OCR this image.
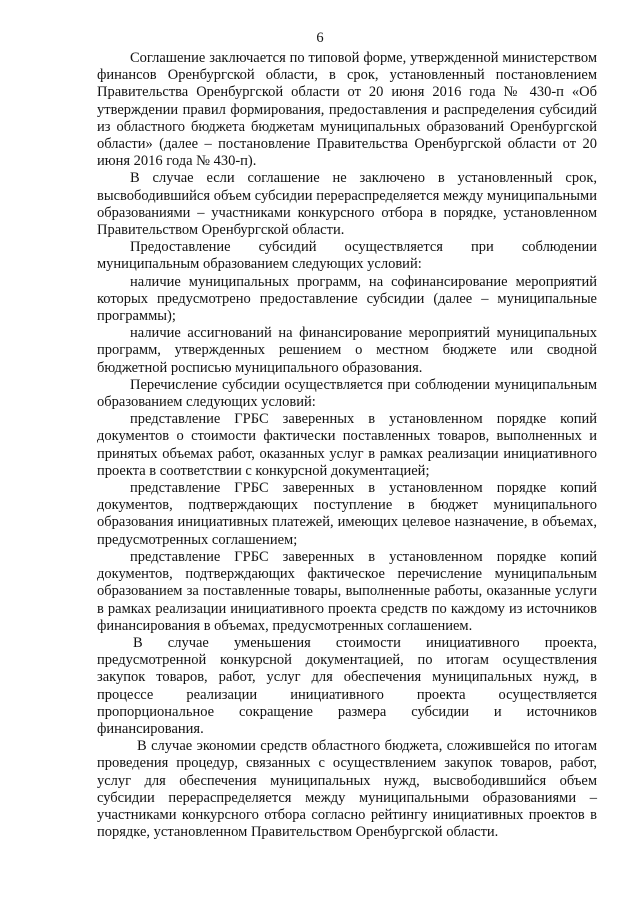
6

Соглашение заключается по типовой форме, утвержденной министерством финансов Оренбургской области, в срок, установленный постановлением Правительства Оренбургской области от 20 июня 2016 года № 430-п «Об утверждении правил формирования, предоставления и распределения субсидий из областного бюджета бюджетам муниципальных образований Оренбургской области» (далее – постановление Правительства Оренбургской области от 20 июня 2016 года № 430-п).

В случае если соглашение не заключено в установленный срок, высвободившийся объем субсидии перераспределяется между муниципальными образованиями – участниками конкурсного отбора в порядке, установленном Правительством Оренбургской области.

Предоставление субсидий осуществляется при соблюдении муниципальным образованием следующих условий:

наличие муниципальных программ, на софинансирование мероприятий которых предусмотрено предоставление субсидии (далее – муниципальные программы);

наличие ассигнований на финансирование мероприятий муниципальных программ, утвержденных решением о местном бюджете или сводной бюджетной росписью муниципального образования.

Перечисление субсидии осуществляется при соблюдении муниципальным образованием следующих условий:

представление ГРБС заверенных в установленном порядке копий документов о стоимости фактически поставленных товаров, выполненных и принятых объемах работ, оказанных услуг в рамках реализации инициативного проекта в соответствии с конкурсной документацией;

представление ГРБС заверенных в установленном порядке копий документов, подтверждающих поступление в бюджет муниципального образования инициативных платежей, имеющих целевое назначение, в объемах, предусмотренных соглашением;

представление ГРБС заверенных в установленном порядке копий документов, подтверждающих фактическое перечисление муниципальным образованием за поставленные товары, выполненные работы, оказанные услуги в рамках реализации инициативного проекта средств по каждому из источников финансирования в объемах, предусмотренных соглашением.

В случае уменьшения стоимости инициативного проекта, предусмотренной конкурсной документацией, по итогам осуществления закупок товаров, работ, услуг для обеспечения муниципальных нужд, в процессе реализации инициативного проекта осуществляется пропорциональное сокращение размера субсидии и источников финансирования.

В случае экономии средств областного бюджета, сложившейся по итогам проведения процедур, связанных с осуществлением закупок товаров, работ, услуг для обеспечения муниципальных нужд, высвободившийся объем субсидии перераспределяется между муниципальными образованиями – участниками конкурсного отбора согласно рейтингу инициативных проектов в порядке, установленном Правительством Оренбургской области.
